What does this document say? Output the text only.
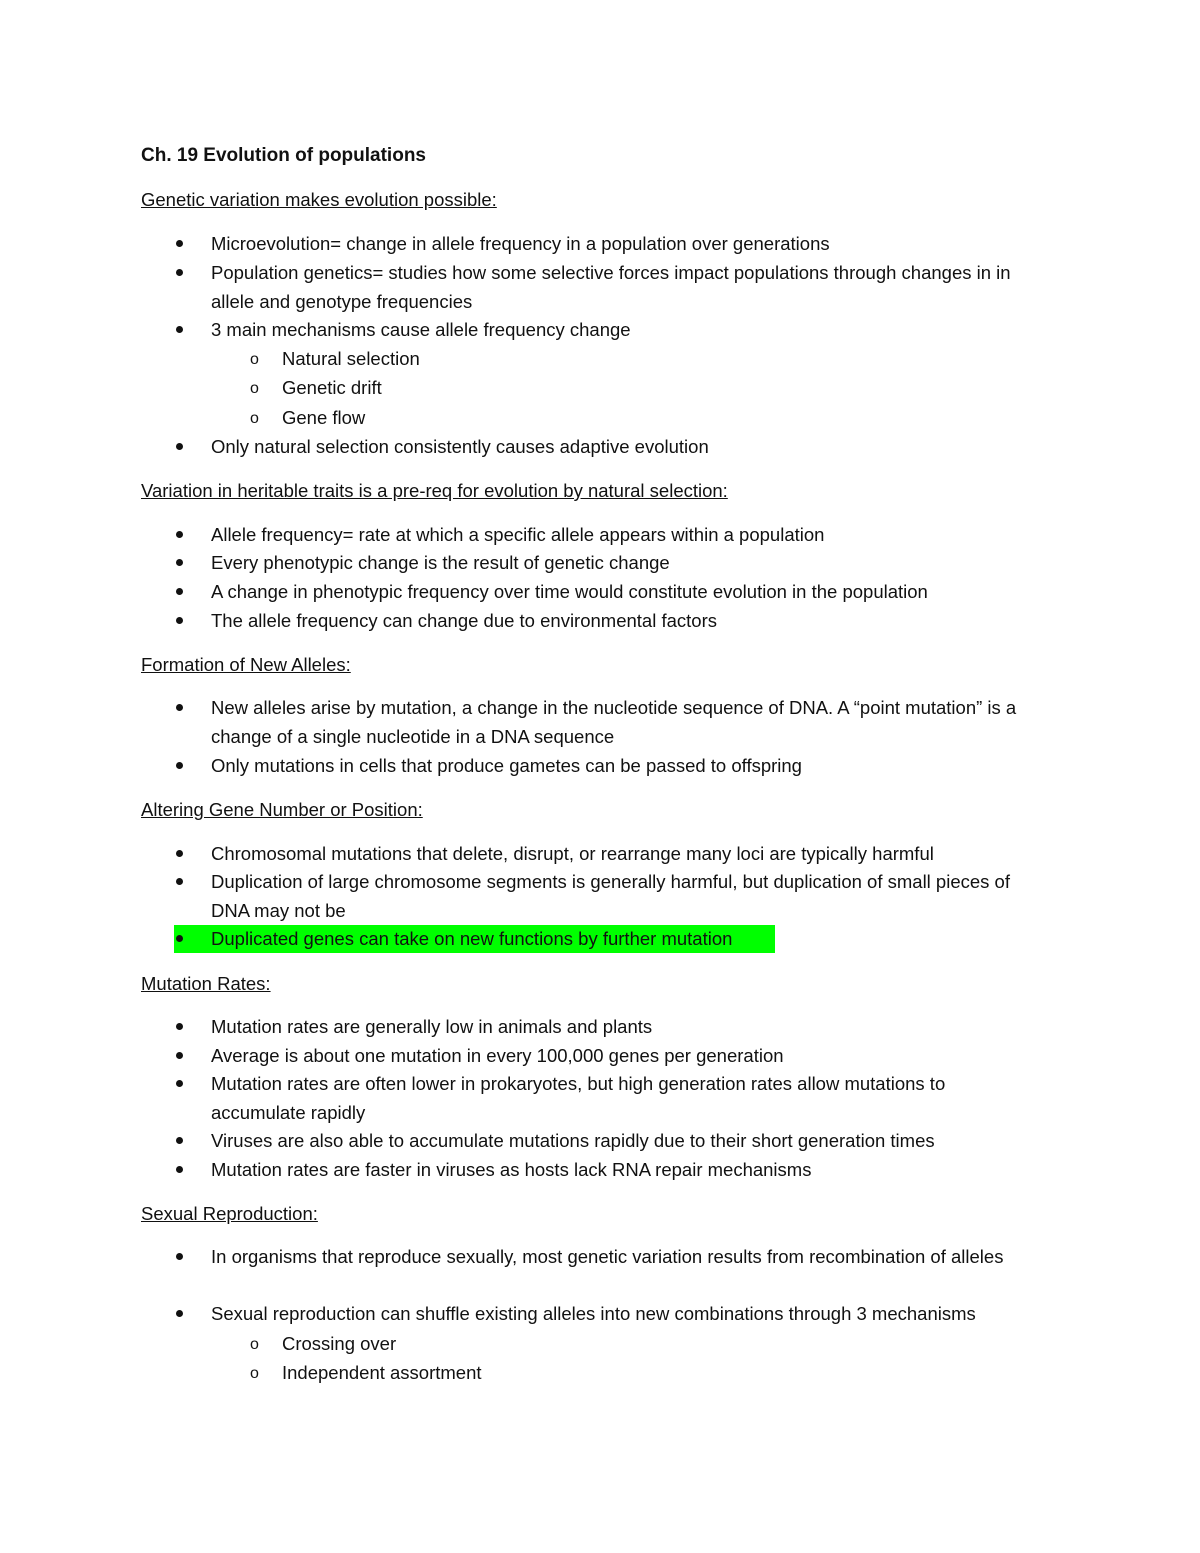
Ch. 19 Evolution of populations
Genetic variation makes evolution possible:
Microevolution= change in allele frequency in a population over generations
Population genetics= studies how some selective forces impact populations through changes in in allele and genotype frequencies
3 main mechanisms cause allele frequency change
o Natural selection
o Genetic drift
o Gene flow
Only natural selection consistently causes adaptive evolution
Variation in heritable traits is a pre-req for evolution by natural selection:
Allele frequency= rate at which a specific allele appears within a population
Every phenotypic change is the result of genetic change
A change in phenotypic frequency over time would constitute evolution in the population
The allele frequency can change due to environmental factors
Formation of New Alleles:
New alleles arise by mutation, a change in the nucleotide sequence of DNA. A “point mutation” is a change of a single nucleotide in a DNA sequence
Only mutations in cells that produce gametes can be passed to offspring
Altering Gene Number or Position:
Chromosomal mutations that delete, disrupt, or rearrange many loci are typically harmful
Duplication of large chromosome segments is generally harmful, but duplication of small pieces of DNA may not be
Duplicated genes can take on new functions by further mutation
Mutation Rates:
Mutation rates are generally low in animals and plants
Average is about one mutation in every 100,000 genes per generation
Mutation rates are often lower in prokaryotes, but high generation rates allow mutations to accumulate rapidly
Viruses are also able to accumulate mutations rapidly due to their short generation times
Mutation rates are faster in viruses as hosts lack RNA repair mechanisms
Sexual Reproduction:
In organisms that reproduce sexually, most genetic variation results from recombination of alleles
Sexual reproduction can shuffle existing alleles into new combinations through 3 mechanisms
o Crossing over
o Independent assortment
